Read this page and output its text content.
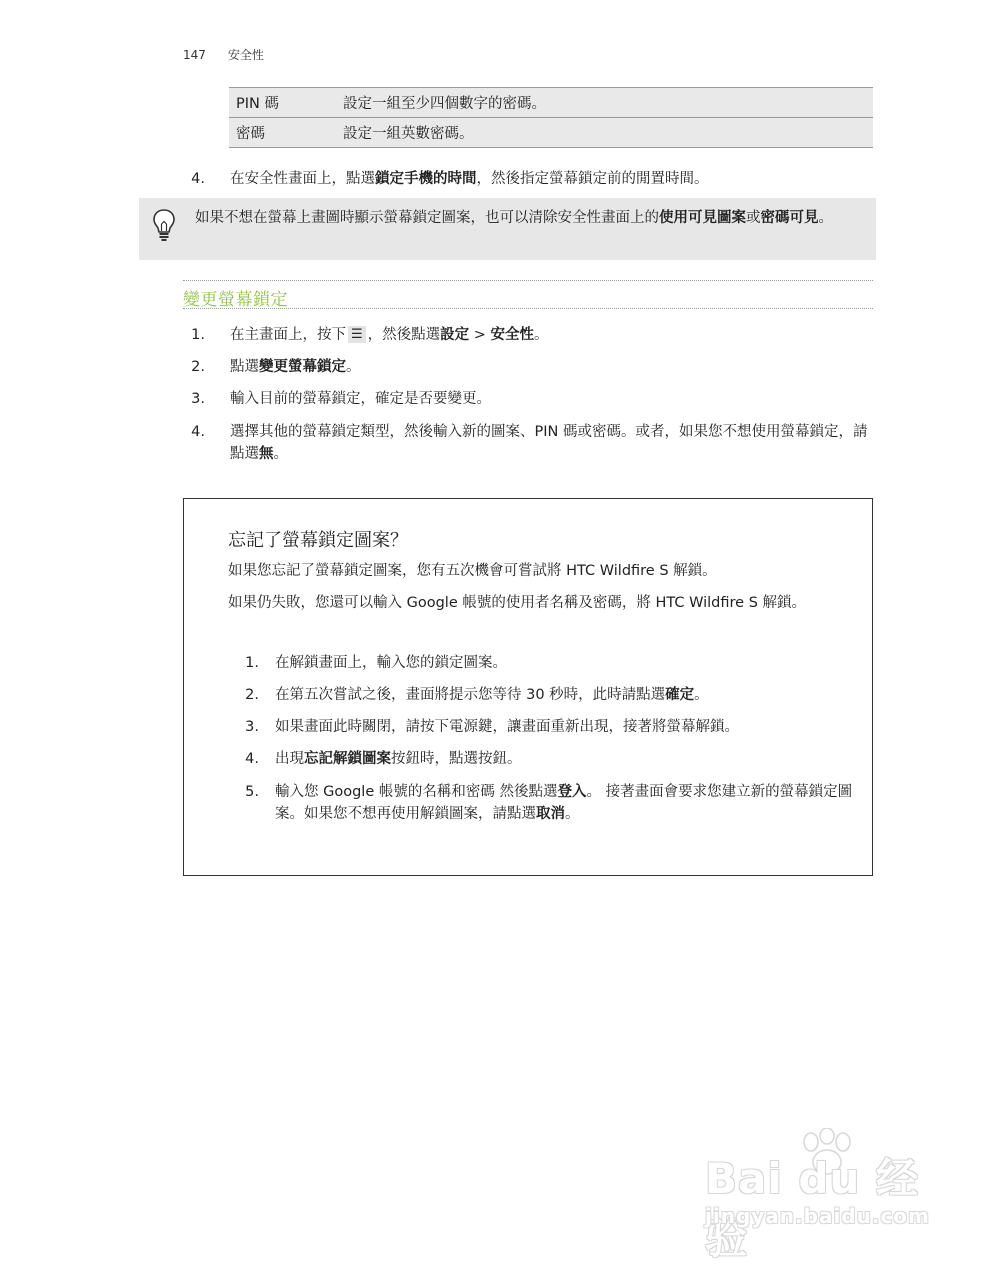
147 安全性
PIN 碼	設定一組至少四個數字的密碼。
密碼	設定一組英數密碼。
4. 在安全性畫面上，點選鎖定手機的時間，然後指定螢幕鎖定前的閒置時間。
如果不想在螢幕上畫圖時顯示螢幕鎖定圖案，也可以清除安全性畫面上的使用可見圖案或密碼可見。
變更螢幕鎖定
1. 在主畫面上，按下 ☰ ，然後點選設定 > 安全性。
2. 點選變更螢幕鎖定。
3. 輸入目前的螢幕鎖定，確定是否要變更。
4. 選擇其他的螢幕鎖定類型，然後輸入新的圖案、PIN 碼或密碼。或者，如果您不想使用螢幕鎖定，請點選無。
忘記了螢幕鎖定圖案？
如果您忘記了螢幕鎖定圖案，您有五次機會可嘗試將 HTC Wildfire S 解鎖。
如果仍失敗，您還可以輸入 Google 帳號的使用者名稱及密碼，將 HTC Wildfire S 解鎖。
1. 在解鎖畫面上，輸入您的鎖定圖案。
2. 在第五次嘗試之後，畫面將提示您等待 30 秒時，此時請點選確定。
3. 如果畫面此時關閉，請按下電源鍵，讓畫面重新出現，接著將螢幕解鎖。
4. 出現忘記解鎖圖案按鈕時，點選按鈕。
5. 輸入您 Google 帳號的名稱和密碼 然後點選登入。 接著畫面會要求您建立新的螢幕鎖定圖案。如果您不想再使用解鎖圖案，請點選取消。
Bai du 经验
jingyan.baidu.com
